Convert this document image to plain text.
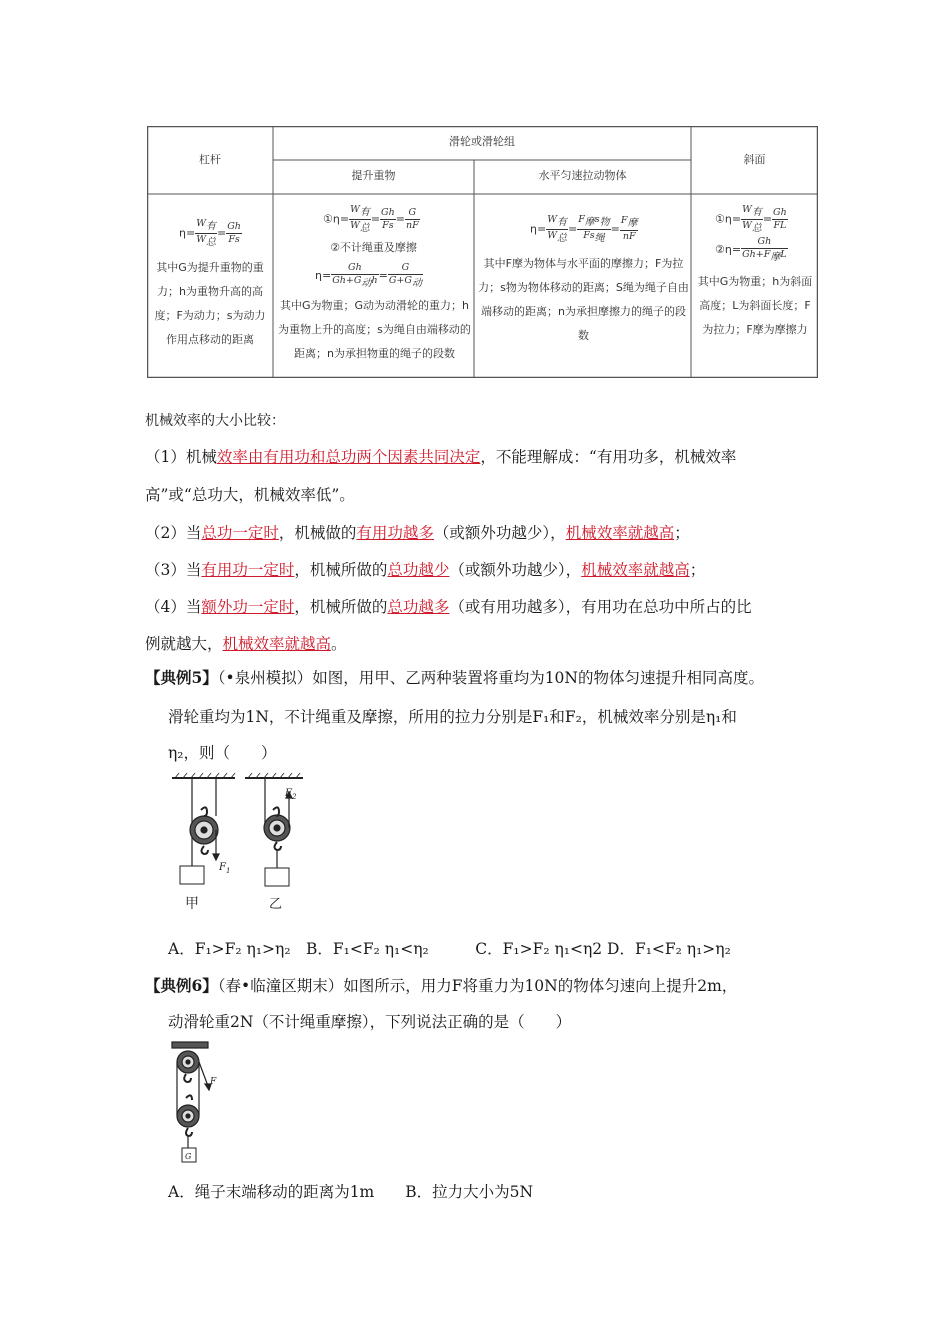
杠杆
滑轮或滑轮组
提升重物	水平匀速拉动物体
斜面
$\eta= \frac{W_有}{W_总} = \frac{Gh}{Fs}$
其中G为提升重物的重力；h为重物升高的高度；F为动力；s为动力作用点移动的距离
①η= $\frac{W_有}{W_总} = \frac{Gh}{Fs} = \frac{G}{nF}$
②不计绳重及摩擦
$\eta= \frac{Gh}{Gh+G_动h} = \frac{G}{G+G_动}$
其中G为物重；G动为动滑轮的重力；h为重物上升的高度；s为绳自由端移动的距离；n为承担物重的绳子的段数
$\eta= \frac{W_有}{W_总} = \frac{F_摩s_物}{Fs_绳} = \frac{F_摩}{nF}$
其中F摩为物体与水平面的摩擦力；F为拉力；s物为物体移动的距离；S绳为绳子自由端移动的距离；n为承担摩擦力的绳子的段数
①η= $\frac{W_有}{W_总} = \frac{Gh}{FL}$
②η= $\frac{Gh}{Gh+F_摩L}$
其中G为物重；h为斜面高度；L为斜面长度；F为拉力；F摩为摩擦力
机械效率的大小比较：
（1）机械效率由有用功和总功两个因素共同决定，不能理解成：“有用功多，机械效率
高”或“总功大，机械效率低”。
（2）当总功一定时，机械做的有用功越多（或额外功越少），机械效率就越高；
（3）当有用功一定时，机械所做的总功越少（或额外功越少），机械效率就越高；
（4）当额外功一定时，机械所做的总功越多（或有用功越多），有用功在总功中所占的比
例就越大，机械效率就越高。
【典例5】（•泉州模拟）如图，用甲、乙两种装置将重均为10N的物体匀速提升相同高度。
滑轮重均为1N，不计绳重及摩擦，所用的拉力分别是F₁和F₂，机械效率分别是η₁和
η₂，则（　　）
$F_1$
$F_2$
甲	乙
A．F₁>F₂ η₁>η₂　B．F₁<F₂ η₁<η₂　　　C．F₁>F₂ η₁<η2 D．F₁<F₂ η₁>η₂
【典例6】（春•临潼区期末）如图所示，用力F将重力为10N的物体匀速向上提升2m，
动滑轮重2N（不计绳重摩擦），下列说法正确的是（　　）
F
G
A．绳子末端移动的距离为1m　　B．拉力大小为5N
